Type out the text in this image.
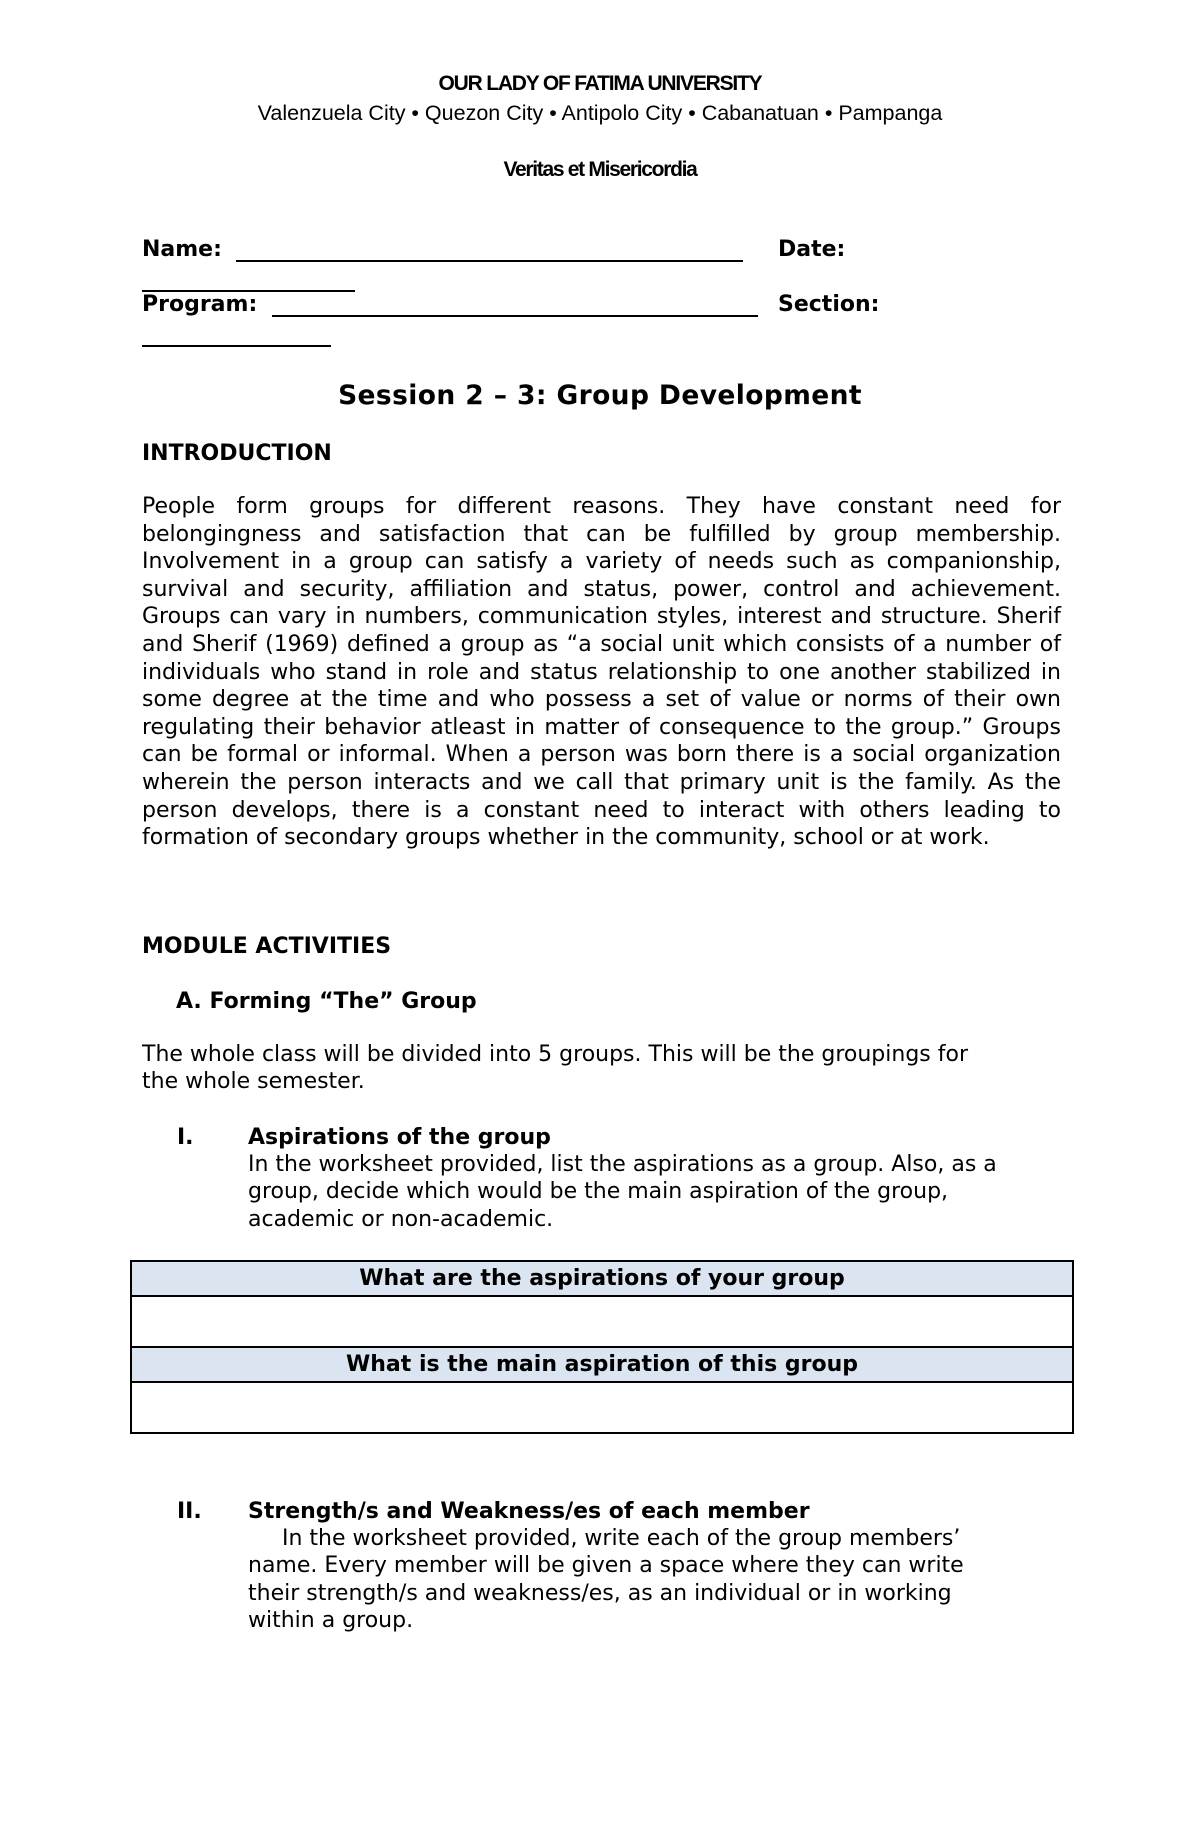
OUR LADY OF FATIMA UNIVERSITY
Valenzuela City • Quezon City • Antipolo City • Cabanatuan • Pampanga
Veritas et Misericordia
Name:	Date:
Program:	Section:
Session 2 – 3: Group Development
INTRODUCTION
People form groups for different reasons. They have constant need for belongingness and satisfaction that can be fulfilled by group membership. Involvement in a group can satisfy a variety of needs such as companionship, survival and security, affiliation and status, power, control and achievement. Groups can vary in numbers, communication styles, interest and structure. Sherif and Sherif (1969) defined a group as “a social unit which consists of a number of individuals who stand in role and status relationship to one another stabilized in some degree at the time and who possess a set of value or norms of their own regulating their behavior atleast in matter of consequence to the group.” Groups can be formal or informal. When a person was born there is a social organization wherein the person interacts and we call that primary unit is the family. As the person develops, there is a constant need to interact with others leading to formation of secondary groups whether in the community, school or at work.
MODULE ACTIVITIES
A. Forming “The” Group
The whole class will be divided into 5 groups. This will be the groupings for
the whole semester.
I. Aspirations of the group
In the worksheet provided, list the aspirations as a group. Also, as a
group, decide which would be the main aspiration of the group,
academic or non-academic.
What are the aspirations of your group

What is the main aspiration of this group

II. Strength/s and Weakness/es of each member
In the worksheet provided, write each of the group members’
name. Every member will be given a space where they can write
their strength/s and weakness/es, as an individual or in working
within a group.
